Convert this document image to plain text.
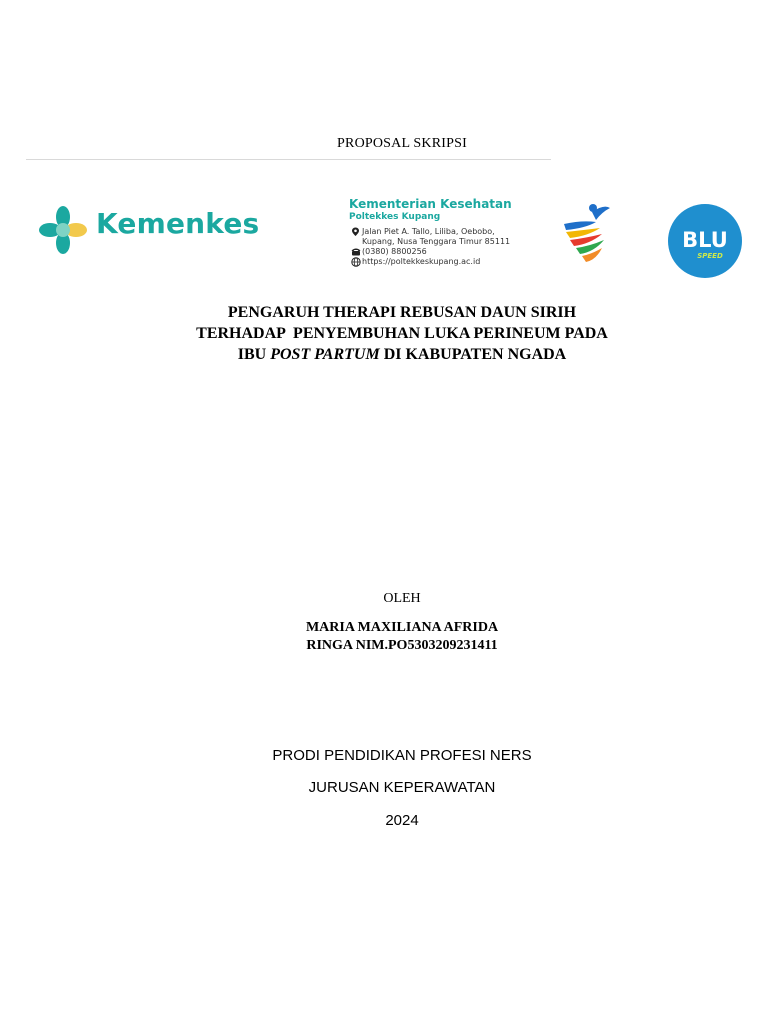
PROPOSAL SKRIPSI
Kemenkes
Kementerian Kesehatan
Poltekkes Kupang
Jalan Piet A. Tallo, Liliba, Oebobo,
Kupang, Nusa Tenggara Timur 85111
(0380) 8800256
https://poltekkeskupang.ac.id
BLU
SPEED
PENGARUH THERAPI REBUSAN DAUN SIRIH
TERHADAP  PENYEMBUHAN LUKA PERINEUM PADA
IBU POST PARTUM DI KABUPATEN NGADA
OLEH
MARIA MAXILIANA AFRIDA
RINGA NIM.PO5303209231411
PRODI PENDIDIKAN PROFESI NERS
JURUSAN KEPERAWATAN
2024
